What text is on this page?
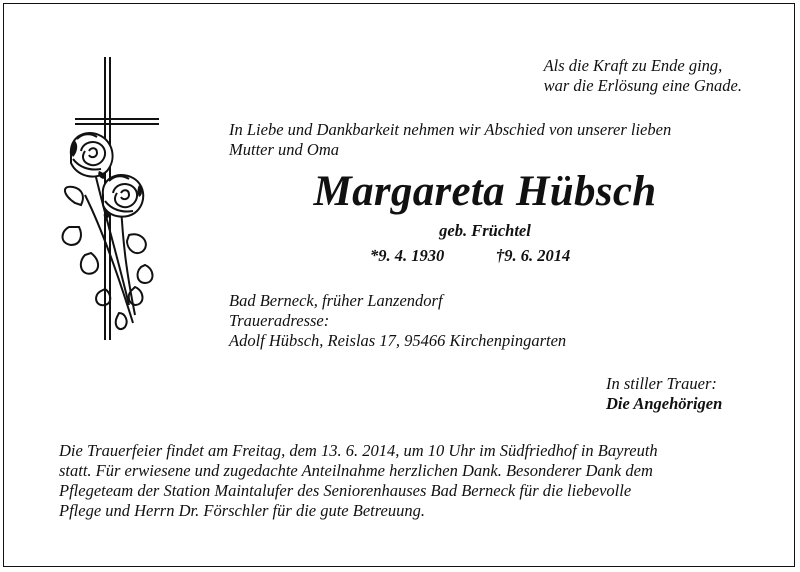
Als die Kraft zu Ende ging,
war die Erlösung eine Gnade.
In Liebe und Dankbarkeit nehmen wir Abschied von unserer lieben
Mutter und Oma
Margareta Hübsch
geb. Früchtel
*9. 4. 1930	†9. 6. 2014
Bad Berneck, früher Lanzendorf
Traueradresse:
Adolf Hübsch, Reislas 17, 95466 Kirchenpingarten
In stiller Trauer:
Die Angehörigen
Die Trauerfeier findet am Freitag, dem 13. 6. 2014, um 10 Uhr im Südfriedhof in Bayreuth
statt. Für erwiesene und zugedachte Anteilnahme herzlichen Dank. Besonderer Dank dem
Pflegeteam der Station Maintalufer des Seniorenhauses Bad Berneck für die liebevolle
Pflege und Herrn Dr. Förschler für die gute Betreuung.
